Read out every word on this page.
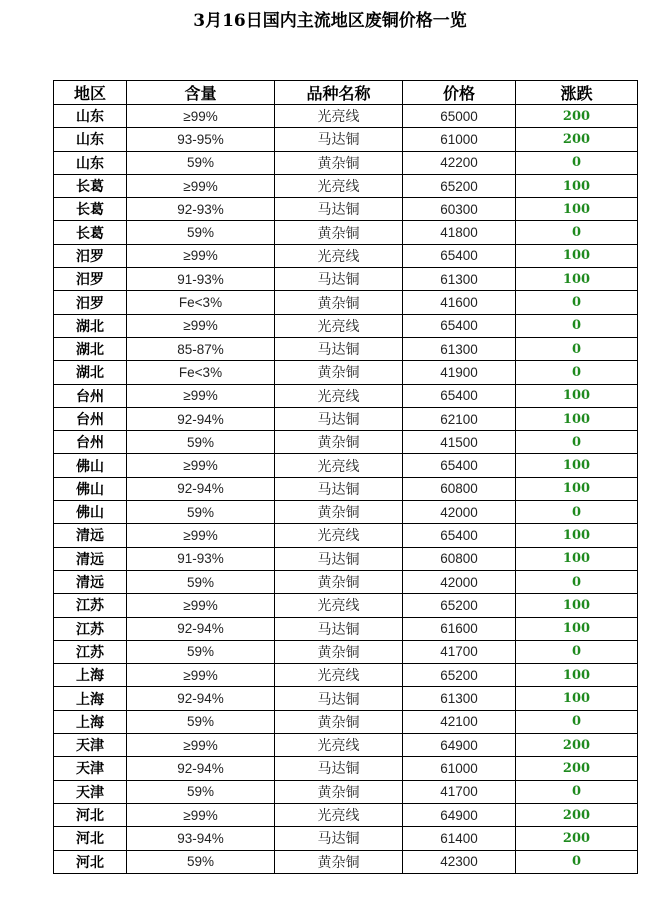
3月16日国内主流地区废铜价格一览
地区	含量	品种名称	价格	涨跌
山东	≥99%	光亮线	65000	200
山东	93-95%	马达铜	61000	200
山东	59%	黄杂铜	42200	0
长葛	≥99%	光亮线	65200	100
长葛	92-93%	马达铜	60300	100
长葛	59%	黄杂铜	41800	0
汨罗	≥99%	光亮线	65400	100
汨罗	91-93%	马达铜	61300	100
汨罗	Fe<3%	黄杂铜	41600	0
湖北	≥99%	光亮线	65400	0
湖北	85-87%	马达铜	61300	0
湖北	Fe<3%	黄杂铜	41900	0
台州	≥99%	光亮线	65400	100
台州	92-94%	马达铜	62100	100
台州	59%	黄杂铜	41500	0
佛山	≥99%	光亮线	65400	100
佛山	92-94%	马达铜	60800	100
佛山	59%	黄杂铜	42000	0
清远	≥99%	光亮线	65400	100
清远	91-93%	马达铜	60800	100
清远	59%	黄杂铜	42000	0
江苏	≥99%	光亮线	65200	100
江苏	92-94%	马达铜	61600	100
江苏	59%	黄杂铜	41700	0
上海	≥99%	光亮线	65200	100
上海	92-94%	马达铜	61300	100
上海	59%	黄杂铜	42100	0
天津	≥99%	光亮线	64900	200
天津	92-94%	马达铜	61000	200
天津	59%	黄杂铜	41700	0
河北	≥99%	光亮线	64900	200
河北	93-94%	马达铜	61400	200
河北	59%	黄杂铜	42300	0
